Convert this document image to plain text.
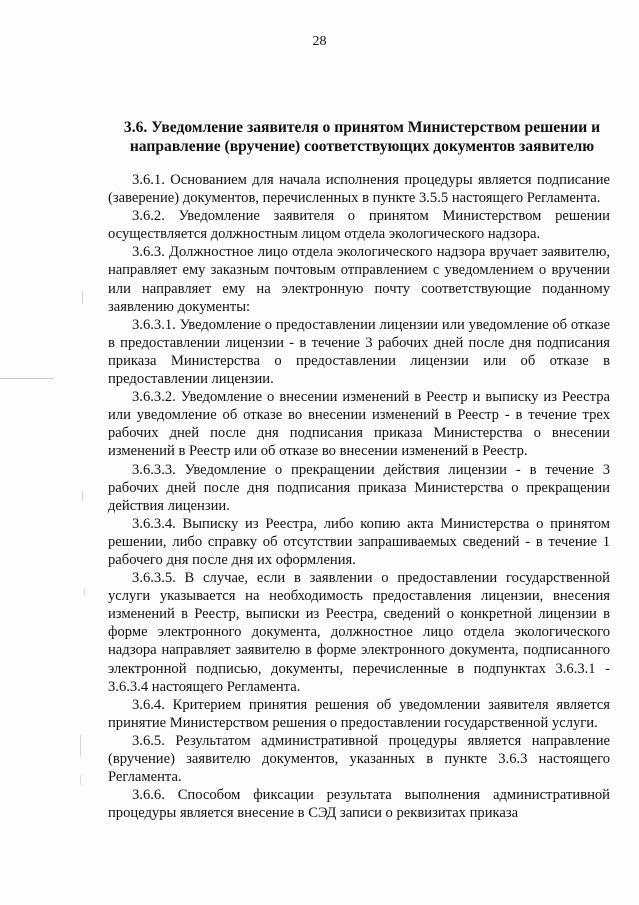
28
3.6. Уведомление заявителя о принятом Министерством решении и направление (вручение) соответствующих документов заявителю

3.6.1. Основанием для начала исполнения процедуры является подписание (заверение) документов, перечисленных в пункте 3.5.5 настоящего Регламента.

3.6.2. Уведомление заявителя о принятом Министерством решении осуществляется должностным лицом отдела экологического надзора.

3.6.3. Должностное лицо отдела экологического надзора вручает заявителю, направляет ему заказным почтовым отправлением с уведомлением о вручении или направляет ему на электронную почту соответствующие поданному заявлению документы:

3.6.3.1. Уведомление о предоставлении лицензии или уведомление об отказе в предоставлении лицензии - в течение 3 рабочих дней после дня подписания приказа Министерства о предоставлении лицензии или об отказе в предоставлении лицензии.

3.6.3.2. Уведомление о внесении изменений в Реестр и выписку из Реестра или уведомление об отказе во внесении изменений в Реестр - в течение трех рабочих дней после дня подписания приказа Министерства о внесении изменений в Реестр или об отказе во внесении изменений в Реестр.

3.6.3.3. Уведомление о прекращении действия лицензии - в течение 3 рабочих дней после дня подписания приказа Министерства о прекращении действия лицензии.

3.6.3.4. Выписку из Реестра, либо копию акта Министерства о принятом решении, либо справку об отсутствии запрашиваемых сведений - в течение 1 рабочего дня после дня их оформления.

3.6.3.5. В случае, если в заявлении о предоставлении государственной услуги указывается на необходимость предоставления лицензии, внесения изменений в Реестр, выписки из Реестра, сведений о конкретной лицензии в форме электронного документа, должностное лицо отдела экологического надзора направляет заявителю в форме электронного документа, подписанного электронной подписью, документы, перечисленные в подпунктах 3.6.3.1 - 3.6.3.4 настоящего Регламента.

3.6.4. Критерием принятия решения об уведомлении заявителя является принятие Министерством решения о предоставлении государственной услуги.

3.6.5. Результатом административной процедуры является направление (вручение) заявителю документов, указанных в пункте 3.6.3 настоящего Регламента.

3.6.6. Способом фиксации результата выполнения административной процедуры является внесение в СЭД записи о реквизитах приказа
